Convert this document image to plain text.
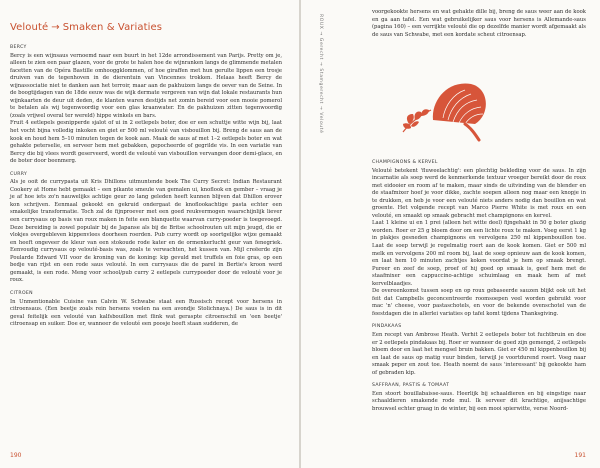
Velouté → Smaken & Variaties
BERCY

Bercy is een wijnsaus vernoemd naar een buurt in het 12de arrondissement van Parijs. Pretty om je, alleen te zien een paar glazen, voor de grote te halen hoe de wijnranken langs de glimmende metalen facetten van de Opéra Bastille omhooggklommen, of hoe giraffen met hun gerulte lippen een trosje druiven van de tegenhoven in de dierentuin van Vincennes trokken. Helaas heeft Bercy de wijnassociatie niet te danken aan het terroir, maar aan de pakhuizen langs de oever van de Seine. In de boogtijdagen van de 18de eeuw was de wijk dermate vergeven van wijn dat lokale restaurants hun wijnkaarten de deur uit deden, de klanten waren destijds net zomin bereid voor een mooie pomerol te betalen als wij tegenwoordig voor een glas kraanwater. En de pakhuizen zitten tegenwoordig (zoals vrijwel overal ter wereld) hippe winkels en bars.

Fruit 4 eetlepels gesnipperde sjalot of ui in 2 eetlepels boter, doe er een schuttje witte wijn bij, laat het vocht bijna volledig inkoken en giet er 500 ml velouté van visbouillon bij. Breng de saus aan de kook en houd hem 5–10 minuten tegen de kook aan. Maak de saus af met 1–2 eetlepels boter en wat gehakte peterselie, en serveer hem met gebakken, gepocheerde of gegrilde vis. In een variatie van Bercy die bij vlees wordt geserveerd, wordt de velouté van visbouillon vervangen door demi-glace, en de boter door beenmerg.

CURRY

Als je ooit de currypasta uit Kris Dhillons uitmuntende boek The Curry Secret: Indian Restaurant Cookery at Home hebt gemaakt – een pikante smeuïe van gemalen ui, knoflook en gember – vraag je je af hoe iets zo'n nauwelijks achtige geur zo lang geleden heeft kunnen blijven dat Dhillon erover kon schrijven. Eenmaal gekookt en gekruid ondergaat de knoflookachtige pasta echter een smakelijke transformatie. Toch zal de fijnproever met een goed reukvermogen waarschijnlijk liever een currysaus op basis van roux maken in feite een blanquette waarvan curry-poeder is toegevoegd. Deze bereiding is zowel populair bij de Japanse als bij de Britse schoolrouten uit mijn jeugd, die er vlokjes overgebleven kippenvlees doorheen roerden. Pub curry wordt op soortgelijke wijze gemaakt en heeft ongeveer de kleur van een stokoude rode kater en de ormenkerlucht geur van fenegriek. Eenvoudig currysaus op velouté-basis was, zoals te verwachten, het kussen van. Mijl creëerde zijn Poularde Edward VII voor de kroning van de koning: kip gevuld met truffels en foie gras, op een bedje van rijst en een rode saus velouté. In een currysaus die de parel in Bertie's kroon werd gemaakt, is een rode. Meng voor school/pub curry 2 eetlepels currypoeder door de velouté voor je roux.

CITROEN

In Unmentionable Cuisine van Calvin W. Schwabe staat een Russisch recept voor hersens in citroensaus. (Een beetje zoals rein hersens voelen na een avondje Stolichnaya.) De saus is in dit geval feitelijk een velouté van kalfsbouillon met flink wat geraspte citroenschil en 'een beetje' citroensap en suiker. Doe er, wanneer de velouté een poosje heeft staan sudderen, de

190
ROUX → Gerecht → Stamgerecht → Velouté

voorgekookte hersens en wat gehakte dille bij, breng de saus weer aan de kook en ga aan tafel. Een wat gebruikelijker saus voor hersens is Allemande-saus (pagina 160) – een verrijkte velouté die op dezelfde manier wordt afgemaakt als de saus van Schwabe, met een kordate scheut citroensap.

CHAMPIGNONS & KERVEL

Velouté betekent 'fluweelachtig': een plechtig bekleding voor de saus. In zijn incarnatie als soep werd de kenmerkende textuur vroeger bereikt door de roux met eidooier en room af te maken, maar sinds de uitvinding van de blender en de staafmixer hoef je voor dikke, zachte soepen alleen nog maar een knopje in te drukken, en heb je voor een velouté niets anders nodig dan bouillon en wat groente. Het volgende recept van Marco Pierre White is met roux en een velouté, en smaakt op smaak gebracht met champignons en kervel.

Laat 1 kleine ui en 1 prei (alleen het witte deel) fijngehakt in 50 g boter glazig worden. Roer er 25 g bloem door om een lichte roux te maken. Voeg eerst 1 kg in plakjes gesneden champignons en vervolgens 250 ml kippenbouillon toe. Laat de soep terwijl je regelmatig roert aan de kook komen. Giet er 500 ml melk en vervolgens 200 ml room bij, laat de soep opnieuw aan de kook komen, en laat hem 10 minuten zachtjes koken voordat je hem op smaak brengt. Pureer en zeef de soep, proef of hij goed op smaak is, geef hem met de staafmixer een cappuccino-achtige schuimlaag en maak hem af met kervelblaadjes.

De overeenkomst tussen soep en op roux gebaseerde sauzen blijkt ook uit het feit dat Campbells geconcentreerde roomsoepen veel worden gebruikt voor mac 'n' cheese, voor pastaschotels, en voor de bekende ovenschotel van de feestdagen die in allerlei variaties op tafel komt tijdens Thanksgiving.

PINDAKAAS

Een recept van Ambrose Heath. Verhit 2 eetlepels boter tot fuchtbruin en doe er 2 eetlepels pindakaas bij. Roer er wanneer de goed zijn gemengd, 2 eetlepels bloem door en laat het mengsel bruin bakken. Giet er 450 ml kippenbouillon bij en laat de saus op matig vuur binden, terwijl je voortdurend roert. Voeg naar smaak peper en zout toe. Heath noemt de saus 'interessant' bij gekookte ham of gebraden kip.

SAFFRAAN, PASTIS & TOMAAT

Een stoort bouillabaisse-saus. Heerlijk bij schaaldieren en bij eingstige naar schaaldieren smakende rode mul. Ik serveer dit krachtige, anijsachtige brouwsel echter graag in de winter, bij een mooi spierwitte, verse Noord-

191
